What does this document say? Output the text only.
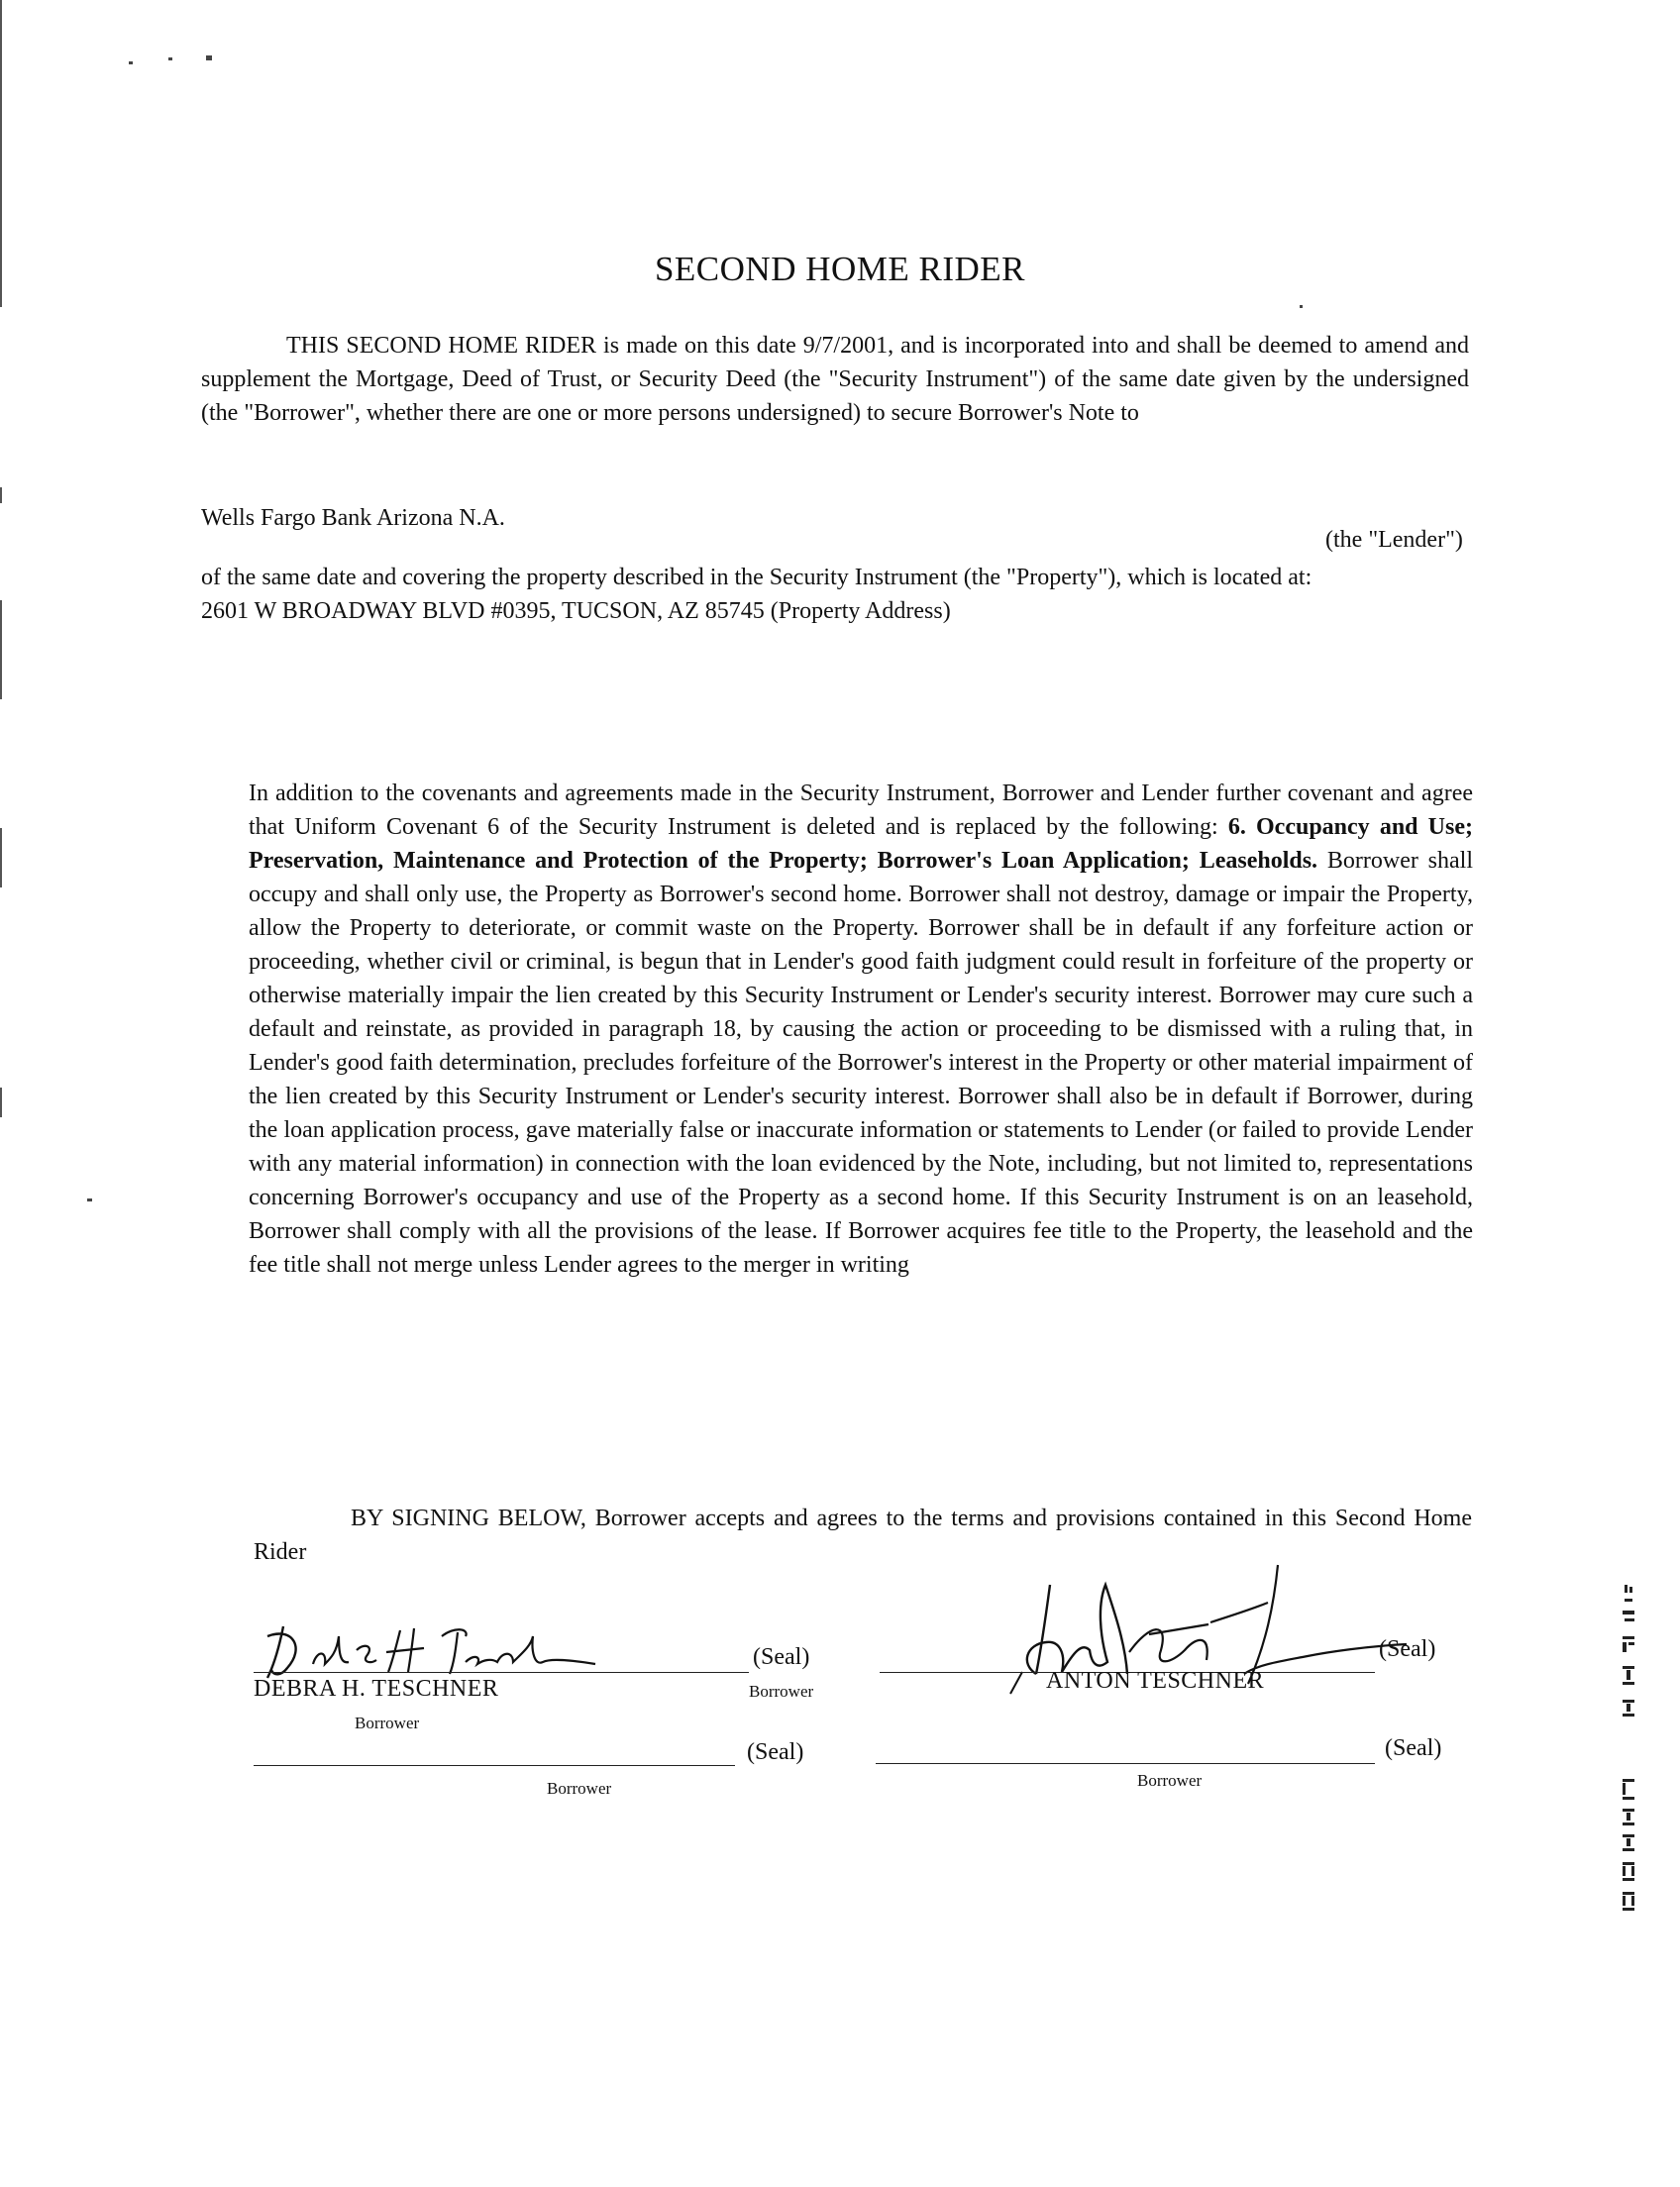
SECOND HOME RIDER
THIS SECOND HOME RIDER is made on this date 9/7/2001, and is incorporated into and shall be deemed to amend and supplement the Mortgage, Deed of Trust, or Security Deed (the "Security Instrument") of the same date given by the undersigned (the "Borrower", whether there are one or more persons undersigned) to secure Borrower's Note to
Wells Fargo Bank Arizona N.A.
(the "Lender")
of the same date and covering the property described in the Security Instrument (the "Property"), which is located at:
2601 W BROADWAY BLVD #0395, TUCSON, AZ 85745 (Property Address)
In addition to the covenants and agreements made in the Security Instrument, Borrower and Lender further covenant and agree that Uniform Covenant 6 of the Security Instrument is deleted and is replaced by the following: 6. Occupancy and Use; Preservation, Maintenance and Protection of the Property; Borrower's Loan Application; Leaseholds. Borrower shall occupy and shall only use, the Property as Borrower's second home. Borrower shall not destroy, damage or impair the Property, allow the Property to deteriorate, or commit waste on the Property. Borrower shall be in default if any forfeiture action or proceeding, whether civil or criminal, is begun that in Lender's good faith judgment could result in forfeiture of the property or otherwise materially impair the lien created by this Security Instrument or Lender's security interest. Borrower may cure such a default and reinstate, as provided in paragraph 18, by causing the action or proceeding to be dismissed with a ruling that, in Lender's good faith determination, precludes forfeiture of the Borrower's interest in the Property or other material impairment of the lien created by this Security Instrument or Lender's security interest. Borrower shall also be in default if Borrower, during the loan application process, gave materially false or inaccurate information or statements to Lender (or failed to provide Lender with any material information) in connection with the loan evidenced by the Note, including, but not limited to, representations concerning Borrower's occupancy and use of the Property as a second home. If this Security Instrument is on an leasehold, Borrower shall comply with all the provisions of the lease. If Borrower acquires fee title to the Property, the leasehold and the fee title shall not merge unless Lender agrees to the merger in writing
BY SIGNING BELOW, Borrower accepts and agrees to the terms and provisions contained in this Second Home Rider
(Seal)
DEBRA H. TESCHNER	Borrower
Borrower
(Seal)
ANTON TESCHNER
(Seal)
Borrower
(Seal)
Borrower
